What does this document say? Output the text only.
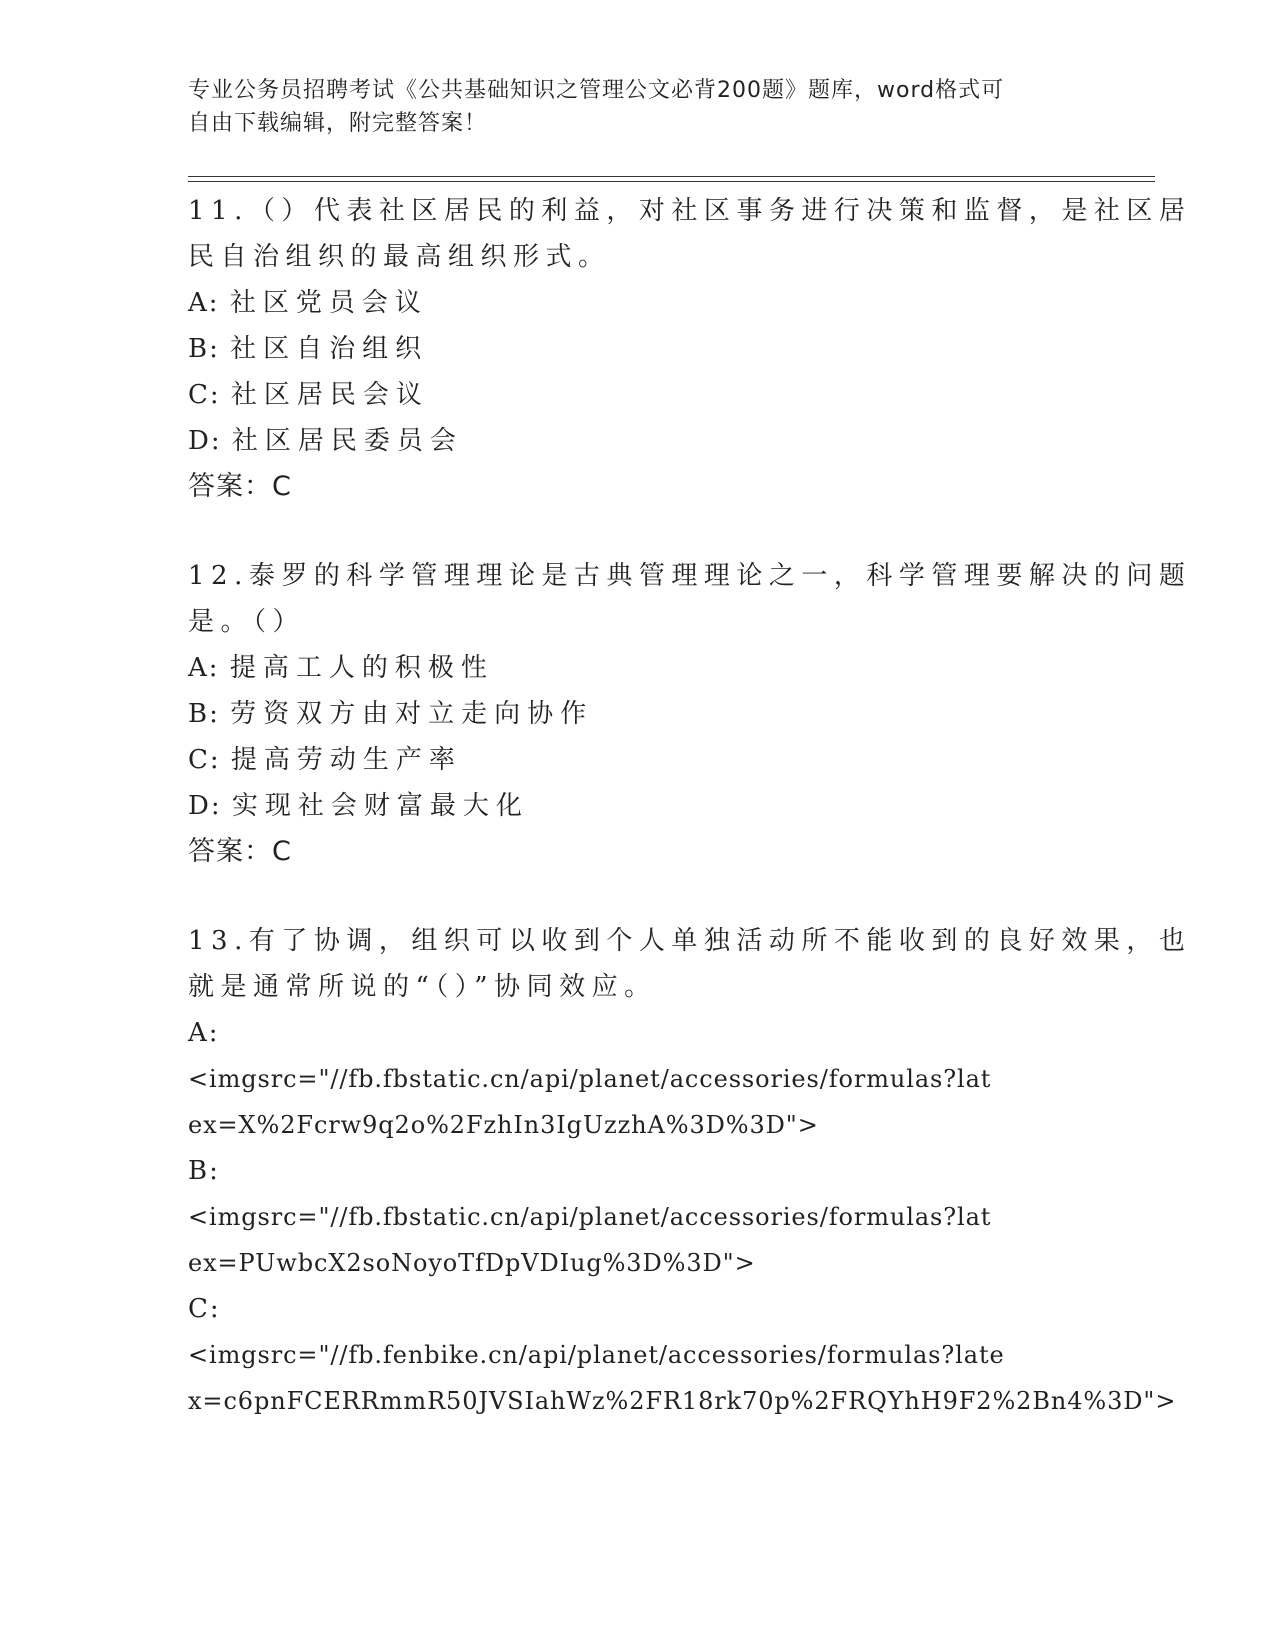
专业公务员招聘考试《公共基础知识之管理公文必背200题》题库，word格式可
自由下载编辑，附完整答案！
11.（）代表社区居民的利益，对社区事务进行决策和监督，是社区居
民自治组织的最高组织形式。
A: 社区党员会议
B: 社区自治组织
C: 社区居民会议
D: 社区居民委员会
答案：C
12.泰罗的科学管理理论是古典管理理论之一，科学管理要解决的问题
是。（）
A: 提高工人的积极性
B: 劳资双方由对立走向协作
C: 提高劳动生产率
D: 实现社会财富最大化
答案：C
13.有了协调，组织可以收到个人单独活动所不能收到的良好效果，也
就是通常所说的“（）”协同效应。
A:
<imgsrc="//fb.fbstatic.cn/api/planet/accessories/formulas?lat
ex=X%2Fcrw9q2o%2FzhIn3IgUzzhA%3D%3D">
B:
<imgsrc="//fb.fbstatic.cn/api/planet/accessories/formulas?lat
ex=PUwbcX2soNoyoTfDpVDIug%3D%3D">
C:
<imgsrc="//fb.fenbike.cn/api/planet/accessories/formulas?late
x=c6pnFCERRmmR50JVSIahWz%2FR18rk70p%2FRQYhH9F2%2Bn4%3D">
